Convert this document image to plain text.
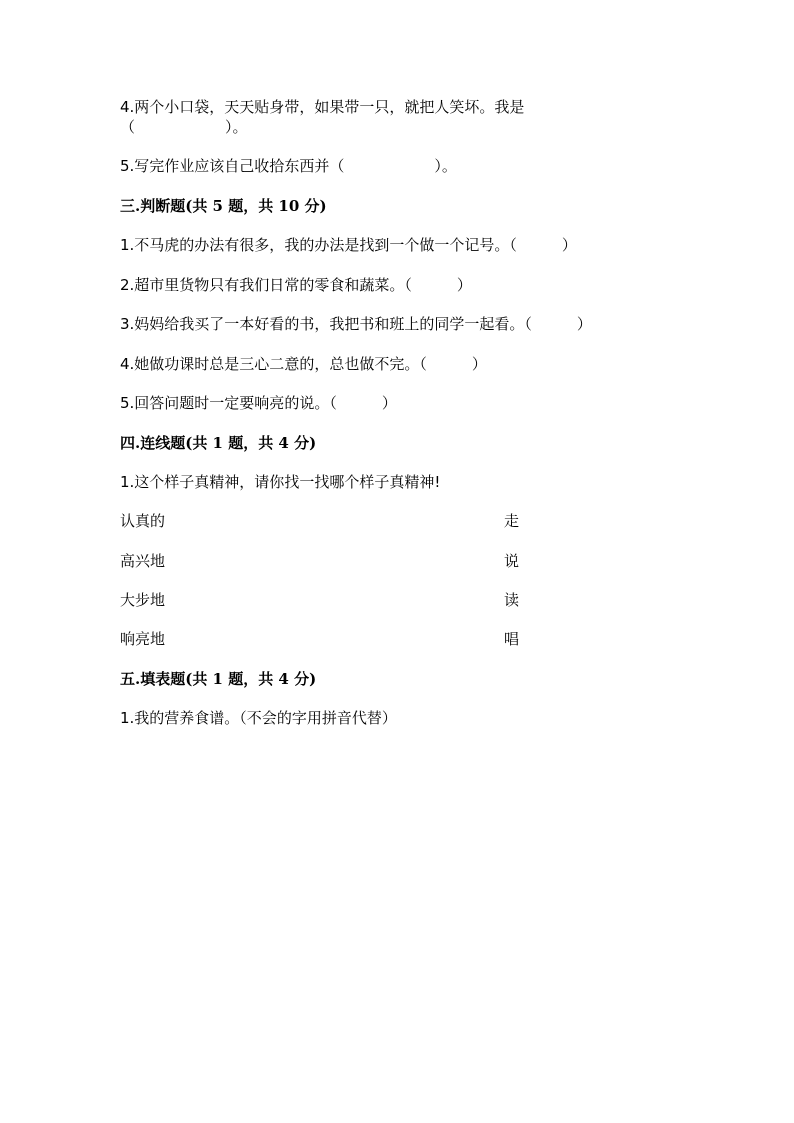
4.两个小口袋，天天贴身带，如果带一只，就把人笑坏。我是
（　　　　　　）。
5.写完作业应该自己收拾东西并（　　　　　　）。
三.判断题(共 5 题，共 10 分)
1.不马虎的办法有很多，我的办法是找到一个做一个记号。（　　　）
2.超市里货物只有我们日常的零食和蔬菜。（　　　）
3.妈妈给我买了一本好看的书，我把书和班上的同学一起看。（　　　）
4.她做功课时总是三心二意的，总也做不完。（　　　）
5.回答问题时一定要响亮的说。（　　　）
四.连线题(共 1 题，共 4 分)
1.这个样子真精神，请你找一找哪个样子真精神!
认真的	走
高兴地	说
大步地	读
响亮地	唱
五.填表题(共 1 题，共 4 分)
1.我的营养食谱。（不会的字用拼音代替）
